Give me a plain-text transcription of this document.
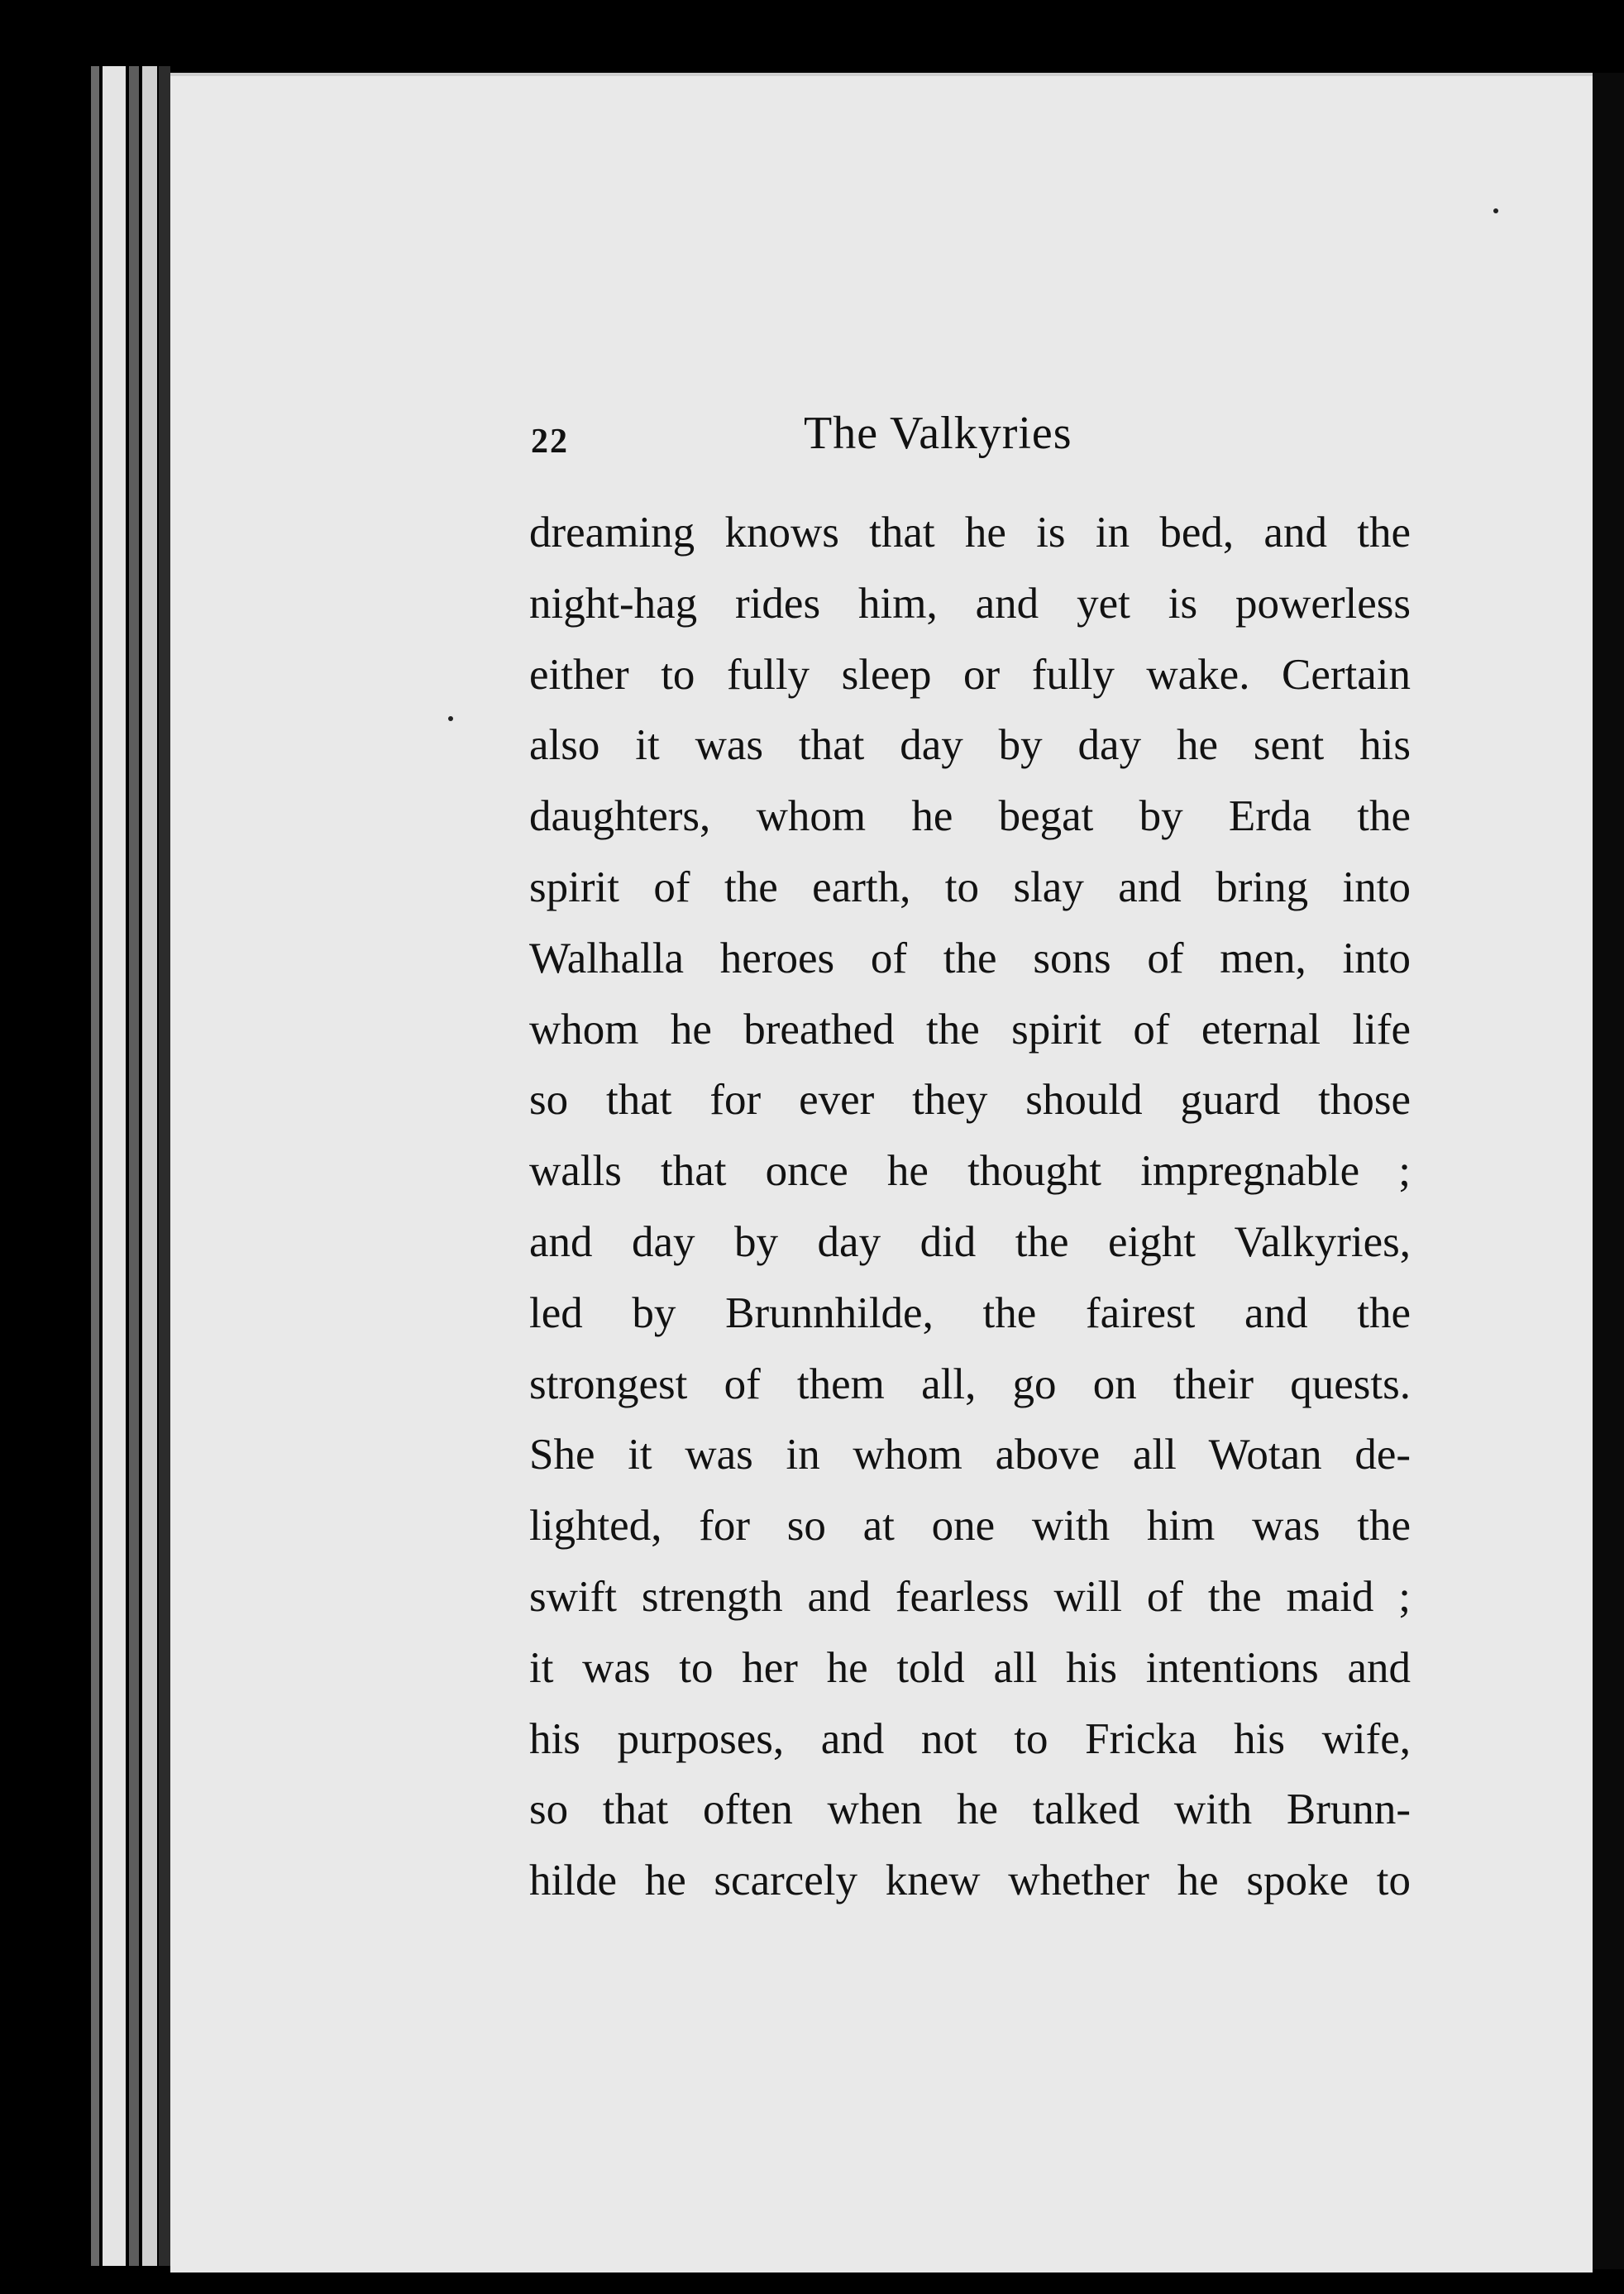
22	The Valkyries
dreaming knows that he is in bed, and the
night-hag rides him, and yet is powerless
either to fully sleep or fully wake. Certain
also it was that day by day he sent his
daughters, whom he begat by Erda the
spirit of the earth, to slay and bring into
Walhalla heroes of the sons of men, into
whom he breathed the spirit of eternal life
so that for ever they should guard those
walls that once he thought impregnable ;
and day by day did the eight Valkyries,
led by Brunnhilde, the fairest and the
strongest of them all, go on their quests.
She it was in whom above all Wotan de-
lighted, for so at one with him was the
swift strength and fearless will of the maid ;
it was to her he told all his intentions and
his purposes, and not to Fricka his wife,
so that often when he talked with Brunn-
hilde he scarcely knew whether he spoke to
